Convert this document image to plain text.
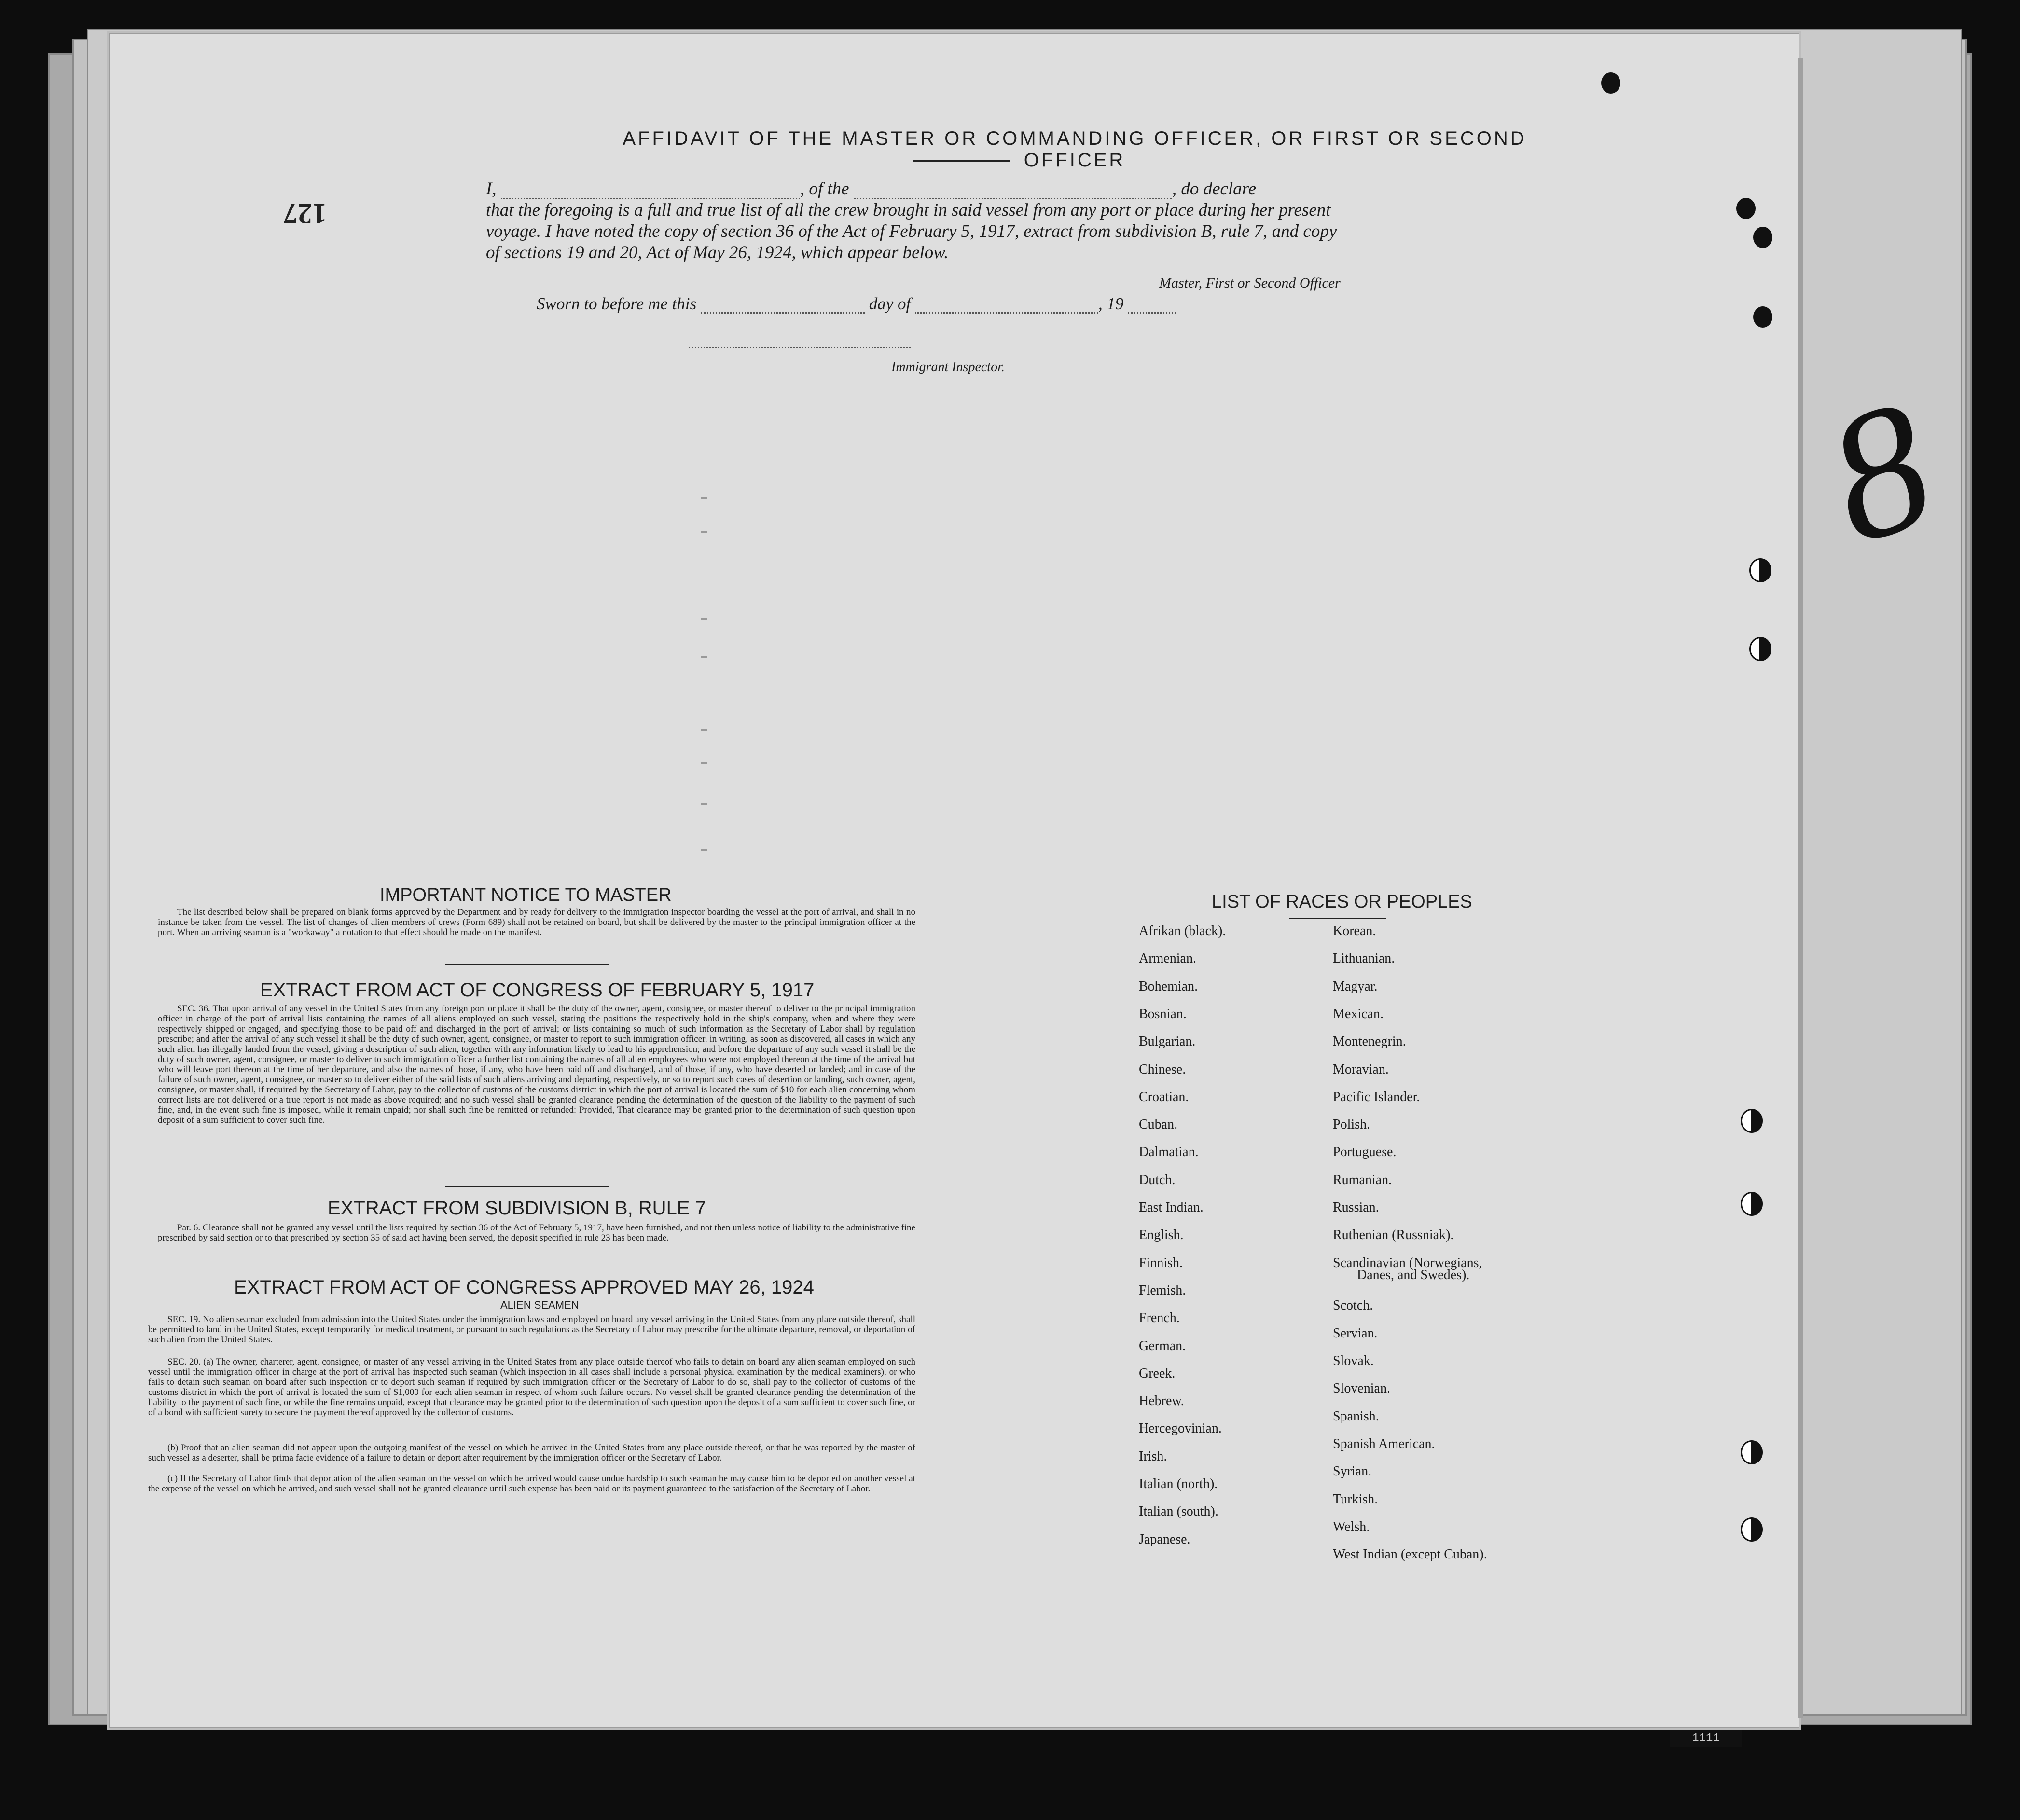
8
AFFIDAVIT OF THE MASTER OR COMMANDING OFFICER, OR FIRST OR SECOND OFFICER
127
I,	, of the	, do declare
that the foregoing is a full and true list of all the crew brought in said vessel from any port or place during her present
voyage. I have noted the copy of section 36 of the Act of February 5, 1917, extract from subdivision B, rule 7, and copy
of sections 19 and 20, Act of May 26, 1924, which appear below.
Master, First or Second Officer
Sworn to before me this	day of	, 19
Immigrant Inspector.
IMPORTANT NOTICE TO MASTER
The list described below shall be prepared on blank forms approved by the Department and by ready for delivery to the immigration inspector boarding the vessel at the port of arrival, and shall in no instance be taken from the vessel. The list of changes of alien members of crews (Form 689) shall not be retained on board, but shall be delivered by the master to the principal immigration officer at the port. When an arriving seaman is a "workaway" a notation to that effect should be made on the manifest.
EXTRACT FROM ACT OF CONGRESS OF FEBRUARY 5, 1917
SEC. 36. That upon arrival of any vessel in the United States from any foreign port or place it shall be the duty of the owner, agent, consignee, or master thereof to deliver to the principal immigration officer in charge of the port of arrival lists containing the names of all aliens employed on such vessel, stating the positions the respectively hold in the ship's company, when and where they were respectively shipped or engaged, and specifying those to be paid off and discharged in the port of arrival; or lists containing so much of such information as the Secretary of Labor shall by regulation prescribe; and after the arrival of any such vessel it shall be the duty of such owner, agent, consignee, or master to report to such immigration officer, in writing, as soon as discovered, all cases in which any such alien has illegally landed from the vessel, giving a description of such alien, together with any information likely to lead to his apprehension; and before the departure of any such vessel it shall be the duty of such owner, agent, consignee, or master to deliver to such immigration officer a further list containing the names of all alien employees who were not employed thereon at the time of the arrival but who will leave port thereon at the time of her departure, and also the names of those, if any, who have been paid off and discharged, and of those, if any, who have deserted or landed; and in case of the failure of such owner, agent, consignee, or master so to deliver either of the said lists of such aliens arriving and departing, respectively, or so to report such cases of desertion or landing, such owner, agent, consignee, or master shall, if required by the Secretary of Labor, pay to the collector of customs of the customs district in which the port of arrival is located the sum of $10 for each alien concerning whom correct lists are not delivered or a true report is not made as above required; and no such vessel shall be granted clearance pending the determination of the question of the liability to the payment of such fine, and, in the event such fine is imposed, while it remain unpaid; nor shall such fine be remitted or refunded: Provided, That clearance may be granted prior to the determination of such question upon deposit of a sum sufficient to cover such fine.
EXTRACT FROM SUBDIVISION B, RULE 7
Par. 6. Clearance shall not be granted any vessel until the lists required by section 36 of the Act of February 5, 1917, have been furnished, and not then unless notice of liability to the administrative fine prescribed by said section or to that prescribed by section 35 of said act having been served, the deposit specified in rule 23 has been made.
EXTRACT FROM ACT OF CONGRESS APPROVED MAY 26, 1924
ALIEN SEAMEN
SEC. 19. No alien seaman excluded from admission into the United States under the immigration laws and employed on board any vessel arriving in the United States from any place outside thereof, shall be permitted to land in the United States, except temporarily for medical treatment, or pursuant to such regulations as the Secretary of Labor may prescribe for the ultimate departure, removal, or deportation of such alien from the United States.
SEC. 20. (a) The owner, charterer, agent, consignee, or master of any vessel arriving in the United States from any place outside thereof who fails to detain on board any alien seaman employed on such vessel until the immigration officer in charge at the port of arrival has inspected such seaman (which inspection in all cases shall include a personal physical examination by the medical examiners), or who fails to detain such seaman on board after such inspection or to deport such seaman if required by such immigration officer or the Secretary of Labor to do so, shall pay to the collector of customs of the customs district in which the port of arrival is located the sum of $1,000 for each alien seaman in respect of whom such failure occurs. No vessel shall be granted clearance pending the determination of the liability to the payment of such fine, or while the fine remains unpaid, except that clearance may be granted prior to the determination of such question upon the deposit of a sum sufficient to cover such fine, or of a bond with sufficient surety to secure the payment thereof approved by the collector of customs.
(b) Proof that an alien seaman did not appear upon the outgoing manifest of the vessel on which he arrived in the United States from any place outside thereof, or that he was reported by the master of such vessel as a deserter, shall be prima facie evidence of a failure to detain or deport after requirement by the immigration officer or the Secretary of Labor.
(c) If the Secretary of Labor finds that deportation of the alien seaman on the vessel on which he arrived would cause undue hardship to such seaman he may cause him to be deported on another vessel at the expense of the vessel on which he arrived, and such vessel shall not be granted clearance until such expense has been paid or its payment guaranteed to the satisfaction of the Secretary of Labor.
LIST OF RACES OR PEOPLES
Afrikan (black).
Armenian.
Bohemian.
Bosnian.
Bulgarian.
Chinese.
Croatian.
Cuban.
Dalmatian.
Dutch.
East Indian.
English.
Finnish.
Flemish.
French.
German.
Greek.
Hebrew.
Hercegovinian.
Irish.
Italian (north).
Italian (south).
Japanese.
Korean.
Lithuanian.
Magyar.
Mexican.
Montenegrin.
Moravian.
Pacific Islander.
Polish.
Portuguese.
Rumanian.
Russian.
Ruthenian (Russniak).
Scandinavian (Norwegians,
Danes, and Swedes).
Scotch.
Servian.
Slovak.
Slovenian.
Spanish.
Spanish American.
Syrian.
Turkish.
Welsh.
West Indian (except Cuban).
1111
